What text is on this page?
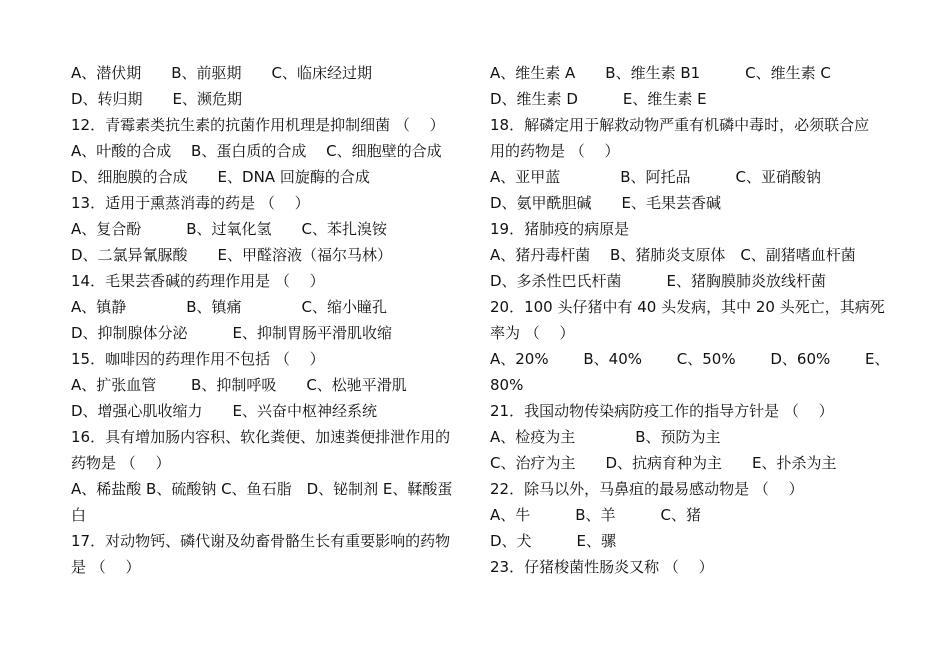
A、潜伏期　　B、前驱期　　C、临床经过期
D、转归期　　E、濒危期
12．青霉素类抗生素的抗菌作用机理是抑制细菌 （　 ）
A、叶酸的合成　 B、蛋白质的合成　 C、细胞壁的合成
D、细胞膜的合成　　E、DNA 回旋酶的合成
13．适用于熏蒸消毒的药是 （　 ）
A、复合酚　　　B、过氧化氢　　C、苯扎溴铵
D、二氯异氰脲酸　　E、甲醛溶液（福尔马林）
14．毛果芸香碱的药理作用是 （　 ）
A、镇静　　　　B、镇痛　　　　C、缩小瞳孔
D、抑制腺体分泌　　　E、抑制胃肠平滑肌收缩
15．咖啡因的药理作用不包括 （　 ）
A、扩张血管　　 B、抑制呼吸　　C、松驰平滑肌
D、增强心肌收缩力　　E、兴奋中枢神经系统
16．具有增加肠内容积、软化粪便、加速粪便排泄作用的
药物是 （　 ）
A、稀盐酸 B、硫酸钠 C、鱼石脂　D、铋制剂 E、鞣酸蛋
白
17．对动物钙、磷代谢及幼畜骨骼生长有重要影响的药物
是 （　 ）
A、维生素 A　　B、维生素 B1　　　C、维生素 C
D、维生素 D　　　E、维生素 E
18．解磷定用于解救动物严重有机磷中毒时，必须联合应
用的药物是 （　 ）
A、亚甲蓝　　　　B、阿托品　　　C、亚硝酸钠
D、氨甲酰胆碱　　E、毛果芸香碱
19．猪肺疫的病原是
A、猪丹毒杆菌　 B、猪肺炎支原体　C、副猪嗜血杆菌
D、多杀性巴氏杆菌　　　E、猪胸膜肺炎放线杆菌
20．100 头仔猪中有 40 头发病，其中 20 头死亡，其病死
率为 （　 ）
A、20%　　 B、40%　　 C、50%　　 D、60%　　 E、
80%
21．我国动物传染病防疫工作的指导方针是 （　 ）
A、检疫为主　　　　B、预防为主
C、治疗为主　　D、抗病育种为主　　E、扑杀为主
22．除马以外，马鼻疽的最易感动物是 （　 ）
A、牛　　　B、羊　　　C、猪
D、犬　　　E、骡
23．仔猪梭菌性肠炎又称 （　 ）
